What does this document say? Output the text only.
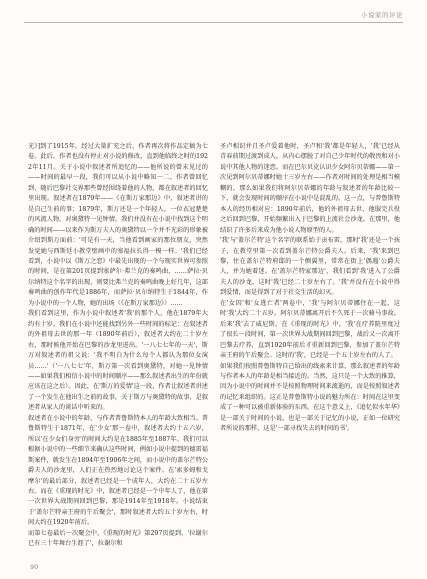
小说家的评论

光》]到了1915年，经过大量扩充之后，作者再次将作品定稿为七卷。此后，作者也没有停止对小说的修改，直到他临终之时的1922年11月。关于小说中叙述者所追忆的——他所说的曾未见过的——时间的最早一段，我们可以从小说中略知一二。作者曾回忆到，随后巴黎社交界那些曾经围绕着他的人物，都在叙述者的回忆里出现。叙述者在1879年——《在斯万家那边》中，叙述者讲的是自己生前的事；1879年，斯万还是一个年轻人，一位衣冠楚楚的风流人物，对奥黛特一见钟情。我们并没有在小说中找到这个明确的时间——以来作为斯万夫人的奥黛特以一个并不光彩的形象被介绍到斯万面前：'可是有一天，当他看到画家的那位朋友，突然发觉她与西斯廷小教堂壁画中的塞福拉长得一模一样。'我们已经看到，小说中以《斯万之恋》中最先出现的一个与现实世界可参照的时间，是在第201页提到塞萨尔·弗兰克的奏鸣曲，……萨拉·贝尔纳特这个名字的出现，则要比弗兰克的奏鸣曲晚上好几年，这部奏鸣曲的创作年代是1886年，而萨拉·贝尔纳特生于1844年，作为小说中的一个人物，她的出场（《在斯万家那边》）……

我们看到这里，作为小说中叙述者'我'的那个人，他在1879年大约有十岁。我们在小说中还能找到另外一些时间的标记：在叙述者的外祖母去世的那一年（1890年前后），叙述者大约在二十岁左右，那时候他开始在巴黎的沙龙里进出。'一八七七年的一天'，斯万对叙述者的祖父说：'我不明白为什么每个人都认为那位女演员……'（'一八七七'年，斯万第一次看到奥黛特，对她一见钟情——如果我们相信小说中的时间顺序——那么叙述者出生的年份就应该在这之后）。因此，在'斯万的爱情'这一段，作者让叙述者讲述了一个发生在他出生之前的故事，关于斯万与奥黛特的故事，是叙述者从家人的谈话中听来的。

叙述者在小说中的年龄，与作者普鲁斯特本人的年龄大致相当。普鲁斯特生于1871年，在'少女'那一卷中，叙述者大约十五六岁，所以'在少女们身旁'的时间大约是在1885年至1887年。我们可以根据小说中的一些细节来确认这些时间，例如小说中提到的德雷福斯案件，就发生在1894年至1906年之间，而小说中的盖尔芒特公爵夫人的沙龙里，人们正在热烈地讨论这个案件。在'索多姆和戈摩尔'的最后部分，叙述者已经是一个成年人，大约在二十五岁左右。而在《重现的时光》中，叙述者已经是一个中年人了，他在第一次世界大战期间回到巴黎，那是1914年至1918年。小说结束于'盖尔芒特亲王府的午后聚会'，那时叙述者大约五十岁左右，时间大约在1920年前后。

而第七卷最后一次聚会中，《重现的时光》第297页提到，'拉谢尔已有三十年舞台生涯了'，拉谢尔和

圣卢相识并且圣卢爱着他时，圣卢和'我'都是年轻人，'我'已经从青春前期过渡到成人，从内心摆脱了对自己少年时代的敬畏和对小说中其他人物的迷恋。而在巴尔贝克认识少女阿尔贝蒂娜——第一次见到阿尔贝蒂娜时她十三岁左右——作者对时间的处理是相当模糊的，那么如果我们将阿尔贝蒂娜的年龄与叙述者的年龄比较一下，就会发现时间的顺序在小说中是混乱的。这一点，与普鲁斯特本人的经历相对应：1890年前后，他的外祖母去世，他服完兵役之后回到巴黎，开始频繁出入于巴黎的上流社会沙龙。在那里，他结识了许多后来成为他小说人物原型的人。

'我'与'盖尔芒特'这个名字的联系始于贡布雷，那时'我'还是一个孩子，在教堂里第一次看到盖尔芒特公爵夫人。后来，'我'来到巴黎，住在盖尔芒特府邸的一个侧翼里，常常在街上'偶遇'公爵夫人，并为她着迷。在'盖尔芒特家那边'，我们看到'我'进入了公爵夫人的沙龙，这时'我'已经二十岁左右了。'我'并没有在小说中得到爱情，而是得到了对于社交生活的幻灭。

在'女囚'和'女逃亡者'两卷中，'我'与阿尔贝蒂娜住在一起，这时'我'大约二十五岁。阿尔贝蒂娜离开后不久死于一次骑马事故。后来'我'去了威尼斯。在《重现的时光》中，'我'在疗养院里度过了很长一段时间，第一次世界大战期间回到巴黎，战后又一次离开巴黎去疗养，直到1920年前后才重新回到巴黎，参加了盖尔芒特亲王府的午后聚会。这时的'我'，已经是一个五十岁左右的人了。

如果我们按照普鲁斯特自己给出的线索来计算，那么叙述者的年龄与作者本人的年龄是相当接近的。当然，这只是一个大致的推算，因为小说中的时间并不是按照物理时间来流逝的，而是按照叙述者的记忆来组织的。这正是普鲁斯特小说的魅力所在：时间在这里变成了一种可以被重新体验的东西。在这个意义上，《追忆似水年华》是一部关于时间的小说，也是一部关于记忆的小说，正如一位研究者所说的那样，这是'一部寻找失去的时间的书'。

90
